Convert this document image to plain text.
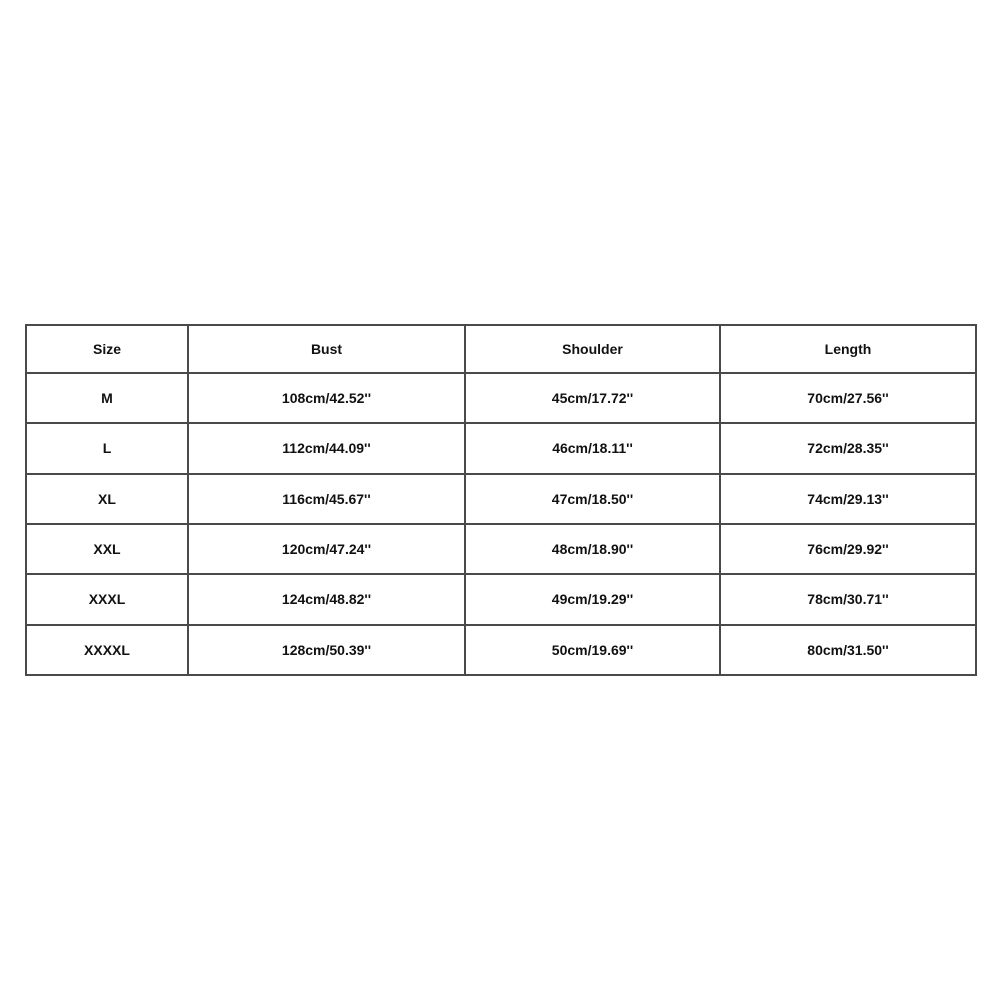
Size	Bust	Shoulder	Length
M	108cm/42.52''	45cm/17.72''	70cm/27.56''
L	112cm/44.09''	46cm/18.11''	72cm/28.35''
XL	116cm/45.67''	47cm/18.50''	74cm/29.13''
XXL	120cm/47.24''	48cm/18.90''	76cm/29.92''
XXXL	124cm/48.82''	49cm/19.29''	78cm/30.71''
XXXXL	128cm/50.39''	50cm/19.69''	80cm/31.50''
